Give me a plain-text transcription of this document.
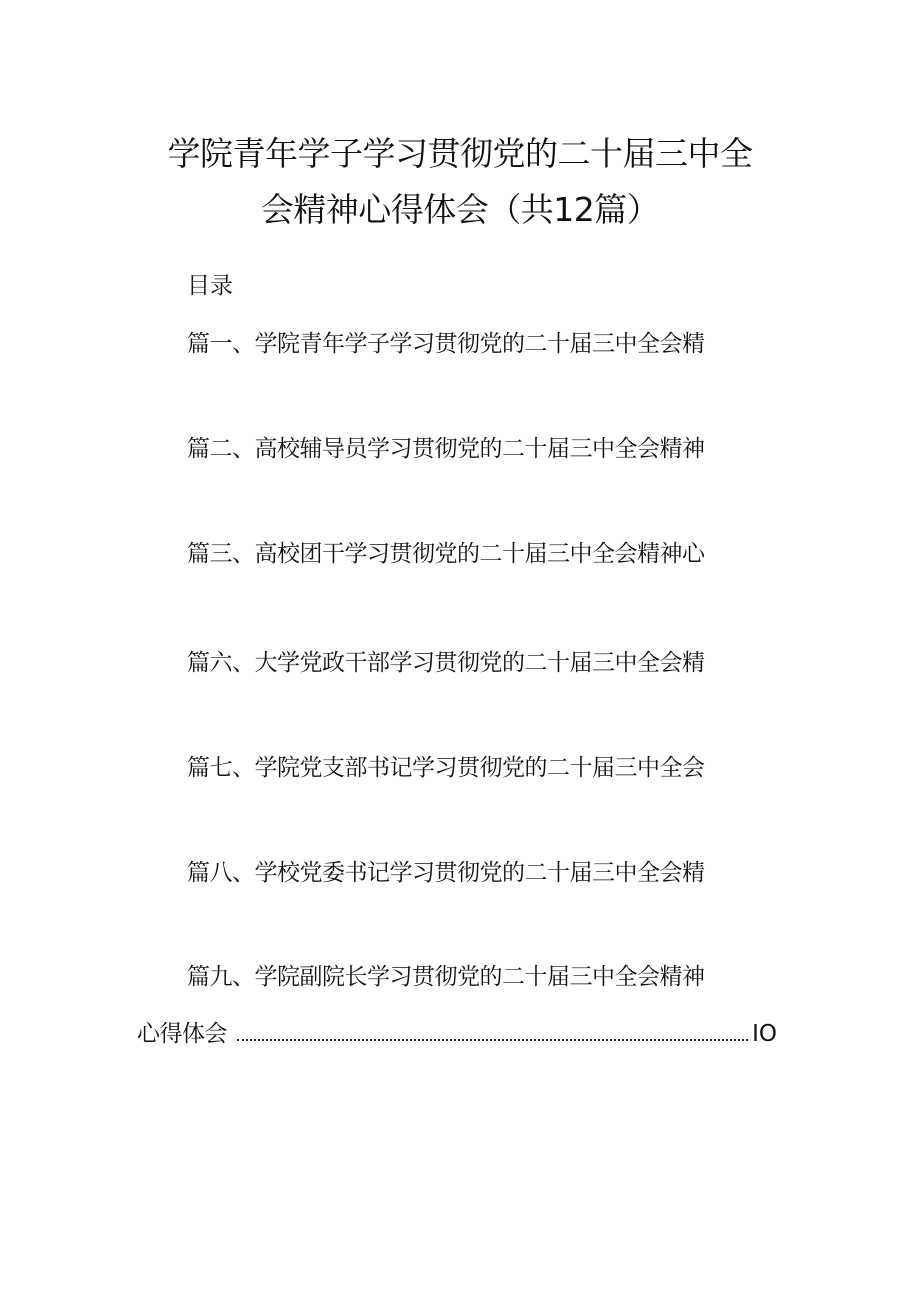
学院青年学子学习贯彻党的二十届三中全
会精神心得体会（共12篇）
目录
篇一、学院青年学子学习贯彻党的二十届三中全会精
篇二、高校辅导员学习贯彻党的二十届三中全会精神
篇三、高校团干学习贯彻党的二十届三中全会精神心
篇六、大学党政干部学习贯彻党的二十届三中全会精
篇七、学院党支部书记学习贯彻党的二十届三中全会
篇八、学校党委书记学习贯彻党的二十届三中全会精
篇九、学院副院长学习贯彻党的二十届三中全会精神
心得体会	IO
